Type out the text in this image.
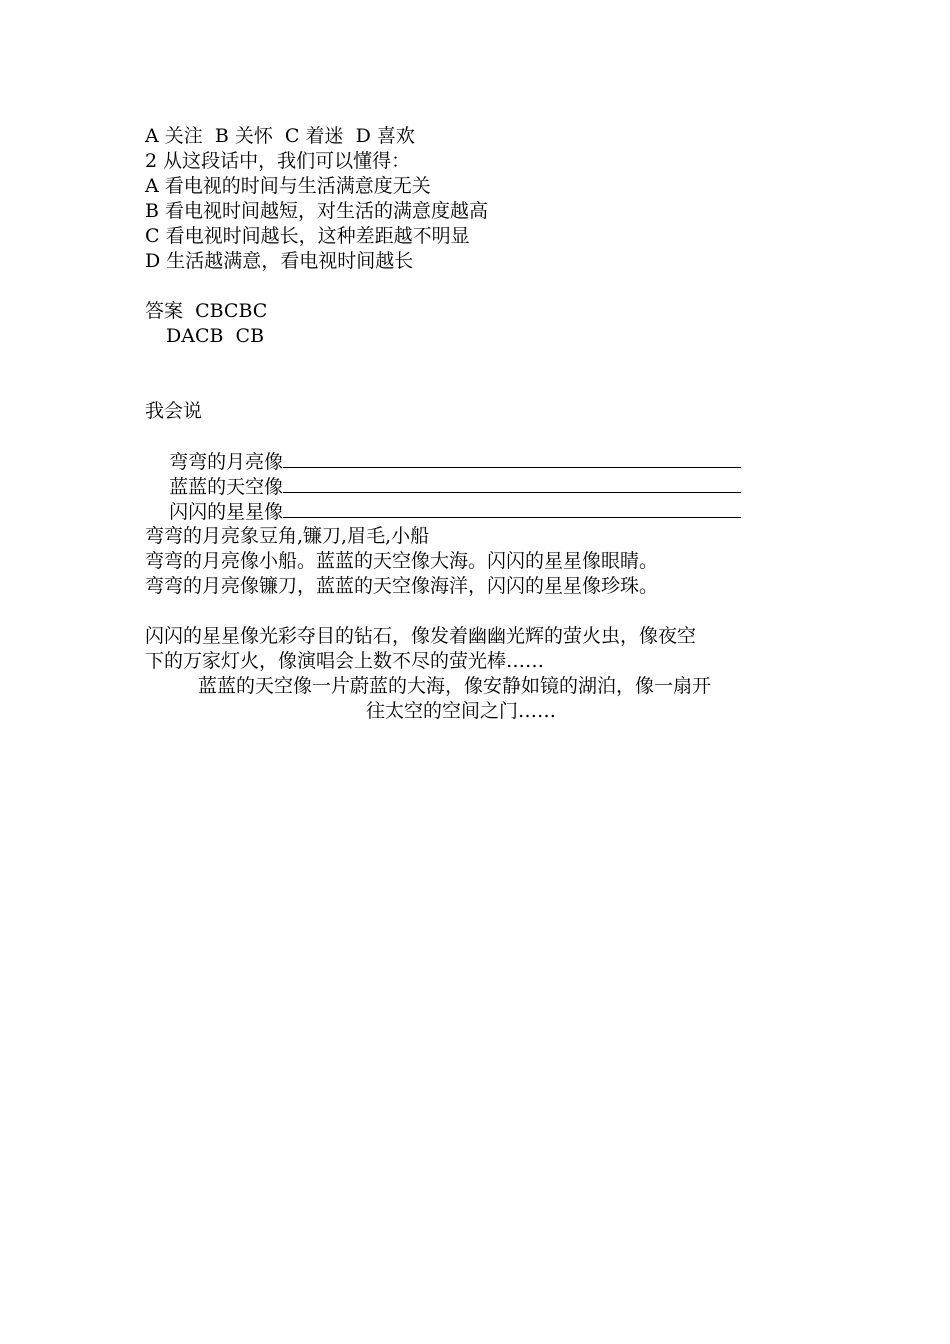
A 关注  B 关怀  C 着迷  D 喜欢
2 从这段话中，我们可以懂得：
A 看电视的时间与生活满意度无关
B 看电视时间越短，对生活的满意度越高
C 看电视时间越长，这种差距越不明显
D 生活越满意，看电视时间越长
答案  CBCBC
DACB  CB
我会说

弯弯的月亮像

蓝蓝的天空像

闪闪的星星像

弯弯的月亮象豆角,镰刀,眉毛,小船
弯弯的月亮像小船。蓝蓝的天空像大海。闪闪的星星像眼睛。
弯弯的月亮像镰刀，蓝蓝的天空像海洋，闪闪的星星像珍珠。
闪闪的星星像光彩夺目的钻石，像发着幽幽光辉的萤火虫，像夜空
下的万家灯火，像演唱会上数不尽的萤光棒……
蓝蓝的天空像一片蔚蓝的大海，像安静如镜的湖泊，像一扇开
往太空的空间之门……
